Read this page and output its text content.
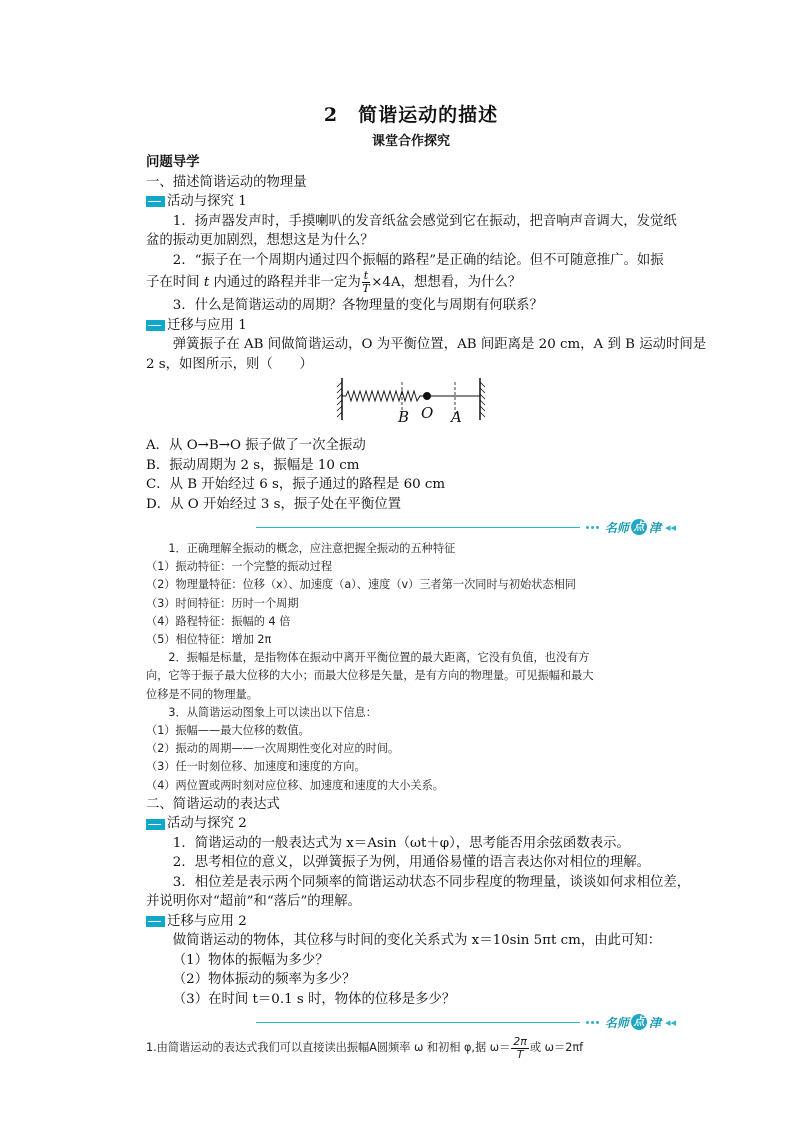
2　简谐运动的描述

课堂合作探究

问题导学

一、描述简谐运动的物理量

活动与探究 1

1．扬声器发声时，手摸喇叭的发音纸盆会感觉到它在振动，把音响声音调大，发觉纸

盆的振动更加剧烈，想想这是为什么？

2．“振子在一个周期内通过四个振幅的路程”是正确的结论。但不可随意推广。如振

子在时间 t 内通过的路程并非一定为 $\frac{t}{T} \times 4A$，想想看，为什么？

3．什么是简谐运动的周期？各物理量的变化与周期有何联系？

迁移与应用 1

弹簧振子在 AB 间做简谐运动，O 为平衡位置，AB 间距离是 20 cm，A 到 B 运动时间是

2 s，如图所示，则（　　）

B O A

A．从 O→B→O 振子做了一次全振动

B．振动周期为 2 s，振幅是 10 cm

C．从 B 开始经过 6 s，振子通过的路程是 60 cm

D．从 O 开始经过 3 s，振子处在平衡位置

名师 点 津 ◂◂

1．正确理解全振动的概念，应注意把握全振动的五种特征

（1）振动特征：一个完整的振动过程

（2）物理量特征：位移（x）、加速度（a）、速度（v）三者第一次同时与初始状态相同

（3）时间特征：历时一个周期

（4）路程特征：振幅的 4 倍

（5）相位特征：增加 2π

2．振幅是标量，是指物体在振动中离开平衡位置的最大距离，它没有负值，也没有方

向，它等于振子最大位移的大小；而最大位移是矢量，是有方向的物理量。可见振幅和最大

位移是不同的物理量。

3．从简谐运动图象上可以读出以下信息：

（1）振幅——最大位移的数值。

（2）振动的周期——一次周期性变化对应的时间。

（3）任一时刻位移、加速度和速度的方向。

（4）两位置或两时刻对应位移、加速度和速度的大小关系。

二、简谐运动的表达式

活动与探究 2

1．简谐运动的一般表达式为 x＝Asin（ωt＋φ），思考能否用余弦函数表示。

2．思考相位的意义，以弹簧振子为例，用通俗易懂的语言表达你对相位的理解。

3．相位差是表示两个同频率的简谐运动状态不同步程度的物理量，谈谈如何求相位差，

并说明你对“超前”和“落后”的理解。

迁移与应用 2

做简谐运动的物体，其位移与时间的变化关系式为 x＝10sin 5πt cm，由此可知：

（1）物体的振幅为多少？

（2）物体振动的频率为多少？

（3）在时间 t＝0.1 s 时，物体的位移是多少？

名师 点 津 ◂◂

1.由简谐运动的表达式我们可以直接读出振幅A圆频率 ω 和初相 φ,据 $\omega= \frac{2\pi}{T}$ 或 ω＝2πf
